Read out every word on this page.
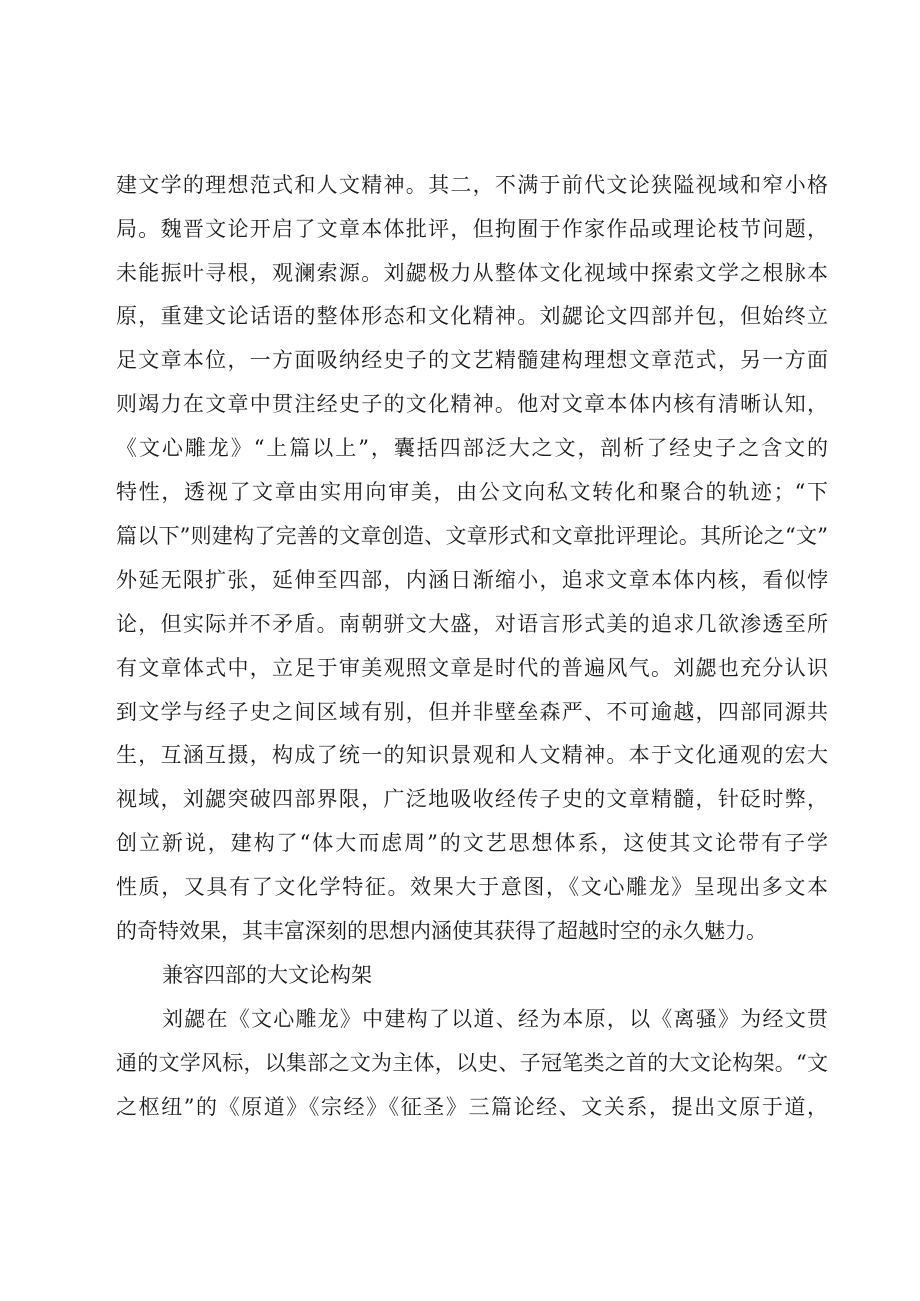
建文学的理想范式和人文精神。其二，不满于前代文论狭隘视域和窄小格
局。魏晋文论开启了文章本体批评，但拘囿于作家作品或理论枝节问题，
未能振叶寻根，观澜索源。刘勰极力从整体文化视域中探索文学之根脉本
原，重建文论话语的整体形态和文化精神。刘勰论文四部并包，但始终立
足文章本位，一方面吸纳经史子的文艺精髓建构理想文章范式，另一方面
则竭力在文章中贯注经史子的文化精神。他对文章本体内核有清晰认知，
《文心雕龙》“上篇以上”，囊括四部泛大之文，剖析了经史子之含文的
特性，透视了文章由实用向审美，由公文向私文转化和聚合的轨迹；“下
篇以下”则建构了完善的文章创造、文章形式和文章批评理论。其所论之“文”
外延无限扩张，延伸至四部，内涵日渐缩小，追求文章本体内核，看似悖
论，但实际并不矛盾。南朝骈文大盛，对语言形式美的追求几欲渗透至所
有文章体式中，立足于审美观照文章是时代的普遍风气。刘勰也充分认识
到文学与经子史之间区域有别，但并非壁垒森严、不可逾越，四部同源共
生，互涵互摄，构成了统一的知识景观和人文精神。本于文化通观的宏大
视域，刘勰突破四部界限，广泛地吸收经传子史的文章精髓，针砭时弊，
创立新说，建构了“体大而虑周”的文艺思想体系，这使其文论带有子学
性质，又具有了文化学特征。效果大于意图，《文心雕龙》呈现出多文本
的奇特效果，其丰富深刻的思想内涵使其获得了超越时空的永久魅力。
兼容四部的大文论构架
刘勰在《文心雕龙》中建构了以道、经为本原，以《离骚》为经文贯
通的文学风标，以集部之文为主体，以史、子冠笔类之首的大文论构架。“文
之枢纽”的《原道》《宗经》《征圣》三篇论经、文关系，提出文原于道，
